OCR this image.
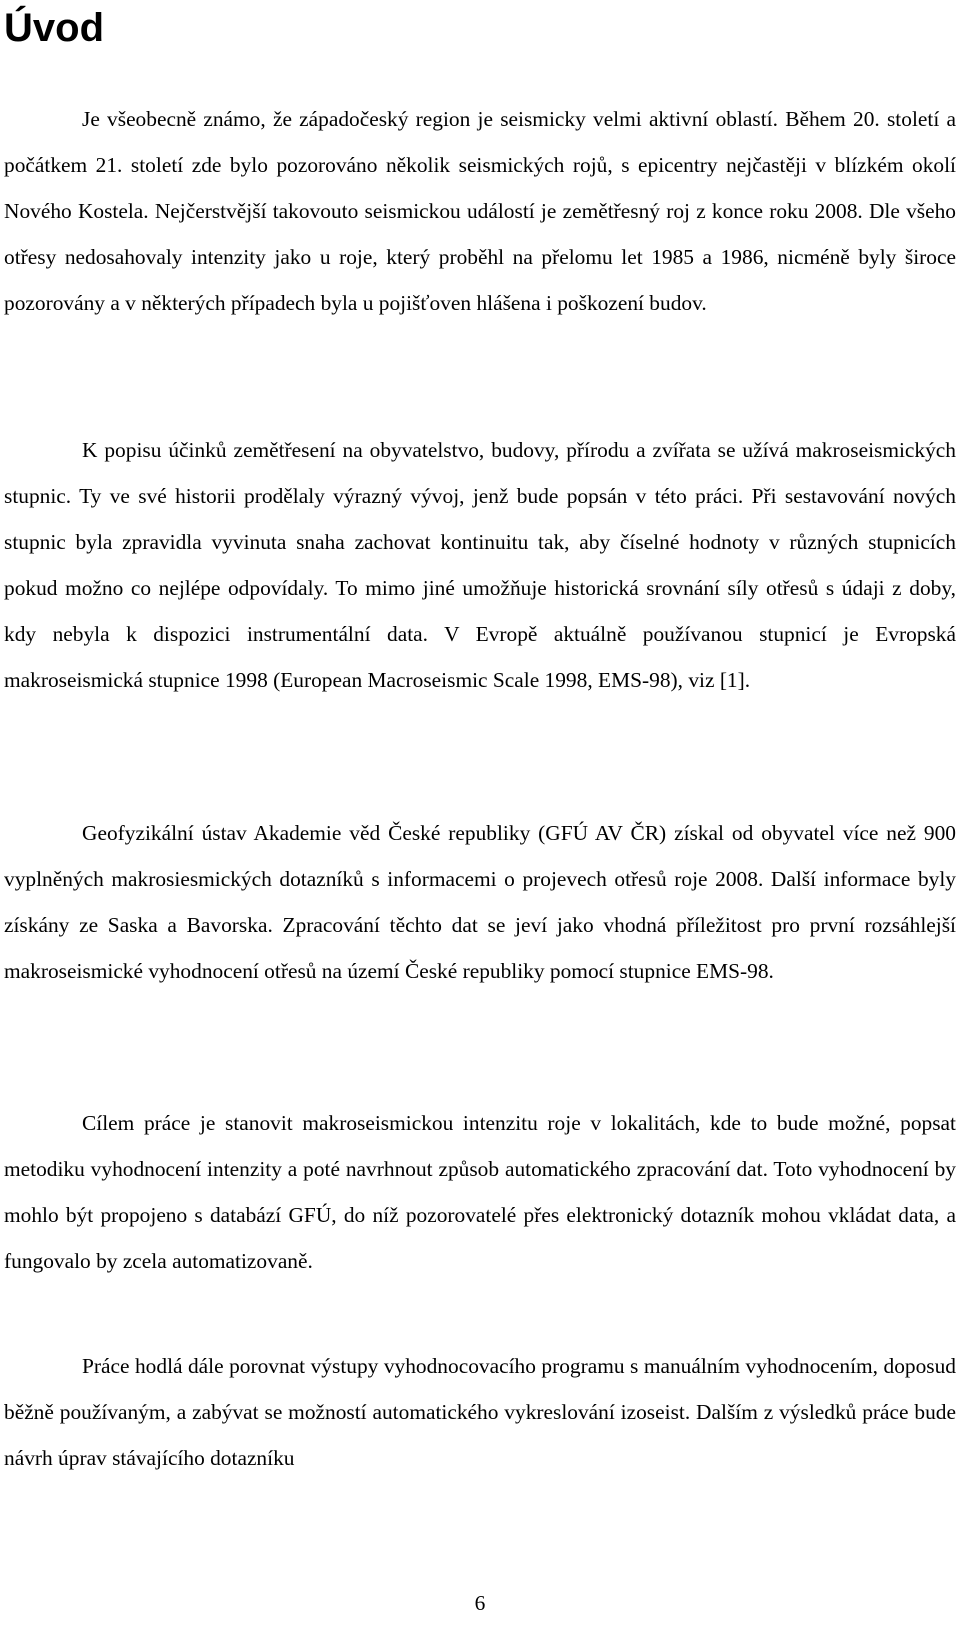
Úvod

Je všeobecně známo, že západočeský region je seismicky velmi aktivní oblastí. Během 20. století a počátkem 21. století zde bylo pozorováno několik seismických rojů, s epicentry nejčastěji v blízkém okolí Nového Kostela. Nejčerstvější takovouto seismickou událostí je zemětřesný roj z konce roku 2008. Dle všeho otřesy nedosahovaly intenzity jako u roje, který proběhl na přelomu let 1985 a 1986, nicméně byly široce pozorovány a v některých případech byla u pojišťoven hlášena i poškození budov.

K popisu účinků zemětřesení na obyvatelstvo, budovy, přírodu a zvířata se užívá makroseismických stupnic. Ty ve své historii prodělaly výrazný vývoj, jenž bude popsán v této práci. Při sestavování nových stupnic byla zpravidla vyvinuta snaha zachovat kontinuitu tak, aby číselné hodnoty v různých stupnicích pokud možno co nejlépe odpovídaly. To mimo jiné umožňuje historická srovnání síly otřesů s údaji z doby, kdy nebyla k dispozici instrumentální data. V Evropě aktuálně používanou stupnicí je Evropská makroseismická stupnice 1998 (European Macroseismic Scale 1998, EMS-98), viz [1].

Geofyzikální ústav Akademie věd České republiky (GFÚ AV ČR) získal od obyvatel více než 900 vyplněných makrosiesmických dotazníků s informacemi o projevech otřesů roje 2008. Další informace byly získány ze Saska a Bavorska. Zpracování těchto dat se jeví jako vhodná příležitost pro první rozsáhlejší makroseismické vyhodnocení otřesů na území České republiky pomocí stupnice EMS-98.

Cílem práce je stanovit makroseismickou intenzitu roje v lokalitách, kde to bude možné, popsat metodiku vyhodnocení intenzity a poté navrhnout způsob automatického zpracování dat. Toto vyhodnocení by mohlo být propojeno s databází GFÚ, do níž pozorovatelé přes elektronický dotazník mohou vkládat data, a fungovalo by zcela automatizovaně.

Práce hodlá dále porovnat výstupy vyhodnocovacího programu s manuálním vyhodnocením, doposud běžně používaným, a zabývat se možností automatického vykreslování izoseist. Dalším z výsledků práce bude návrh úprav stávajícího dotazníku

6
